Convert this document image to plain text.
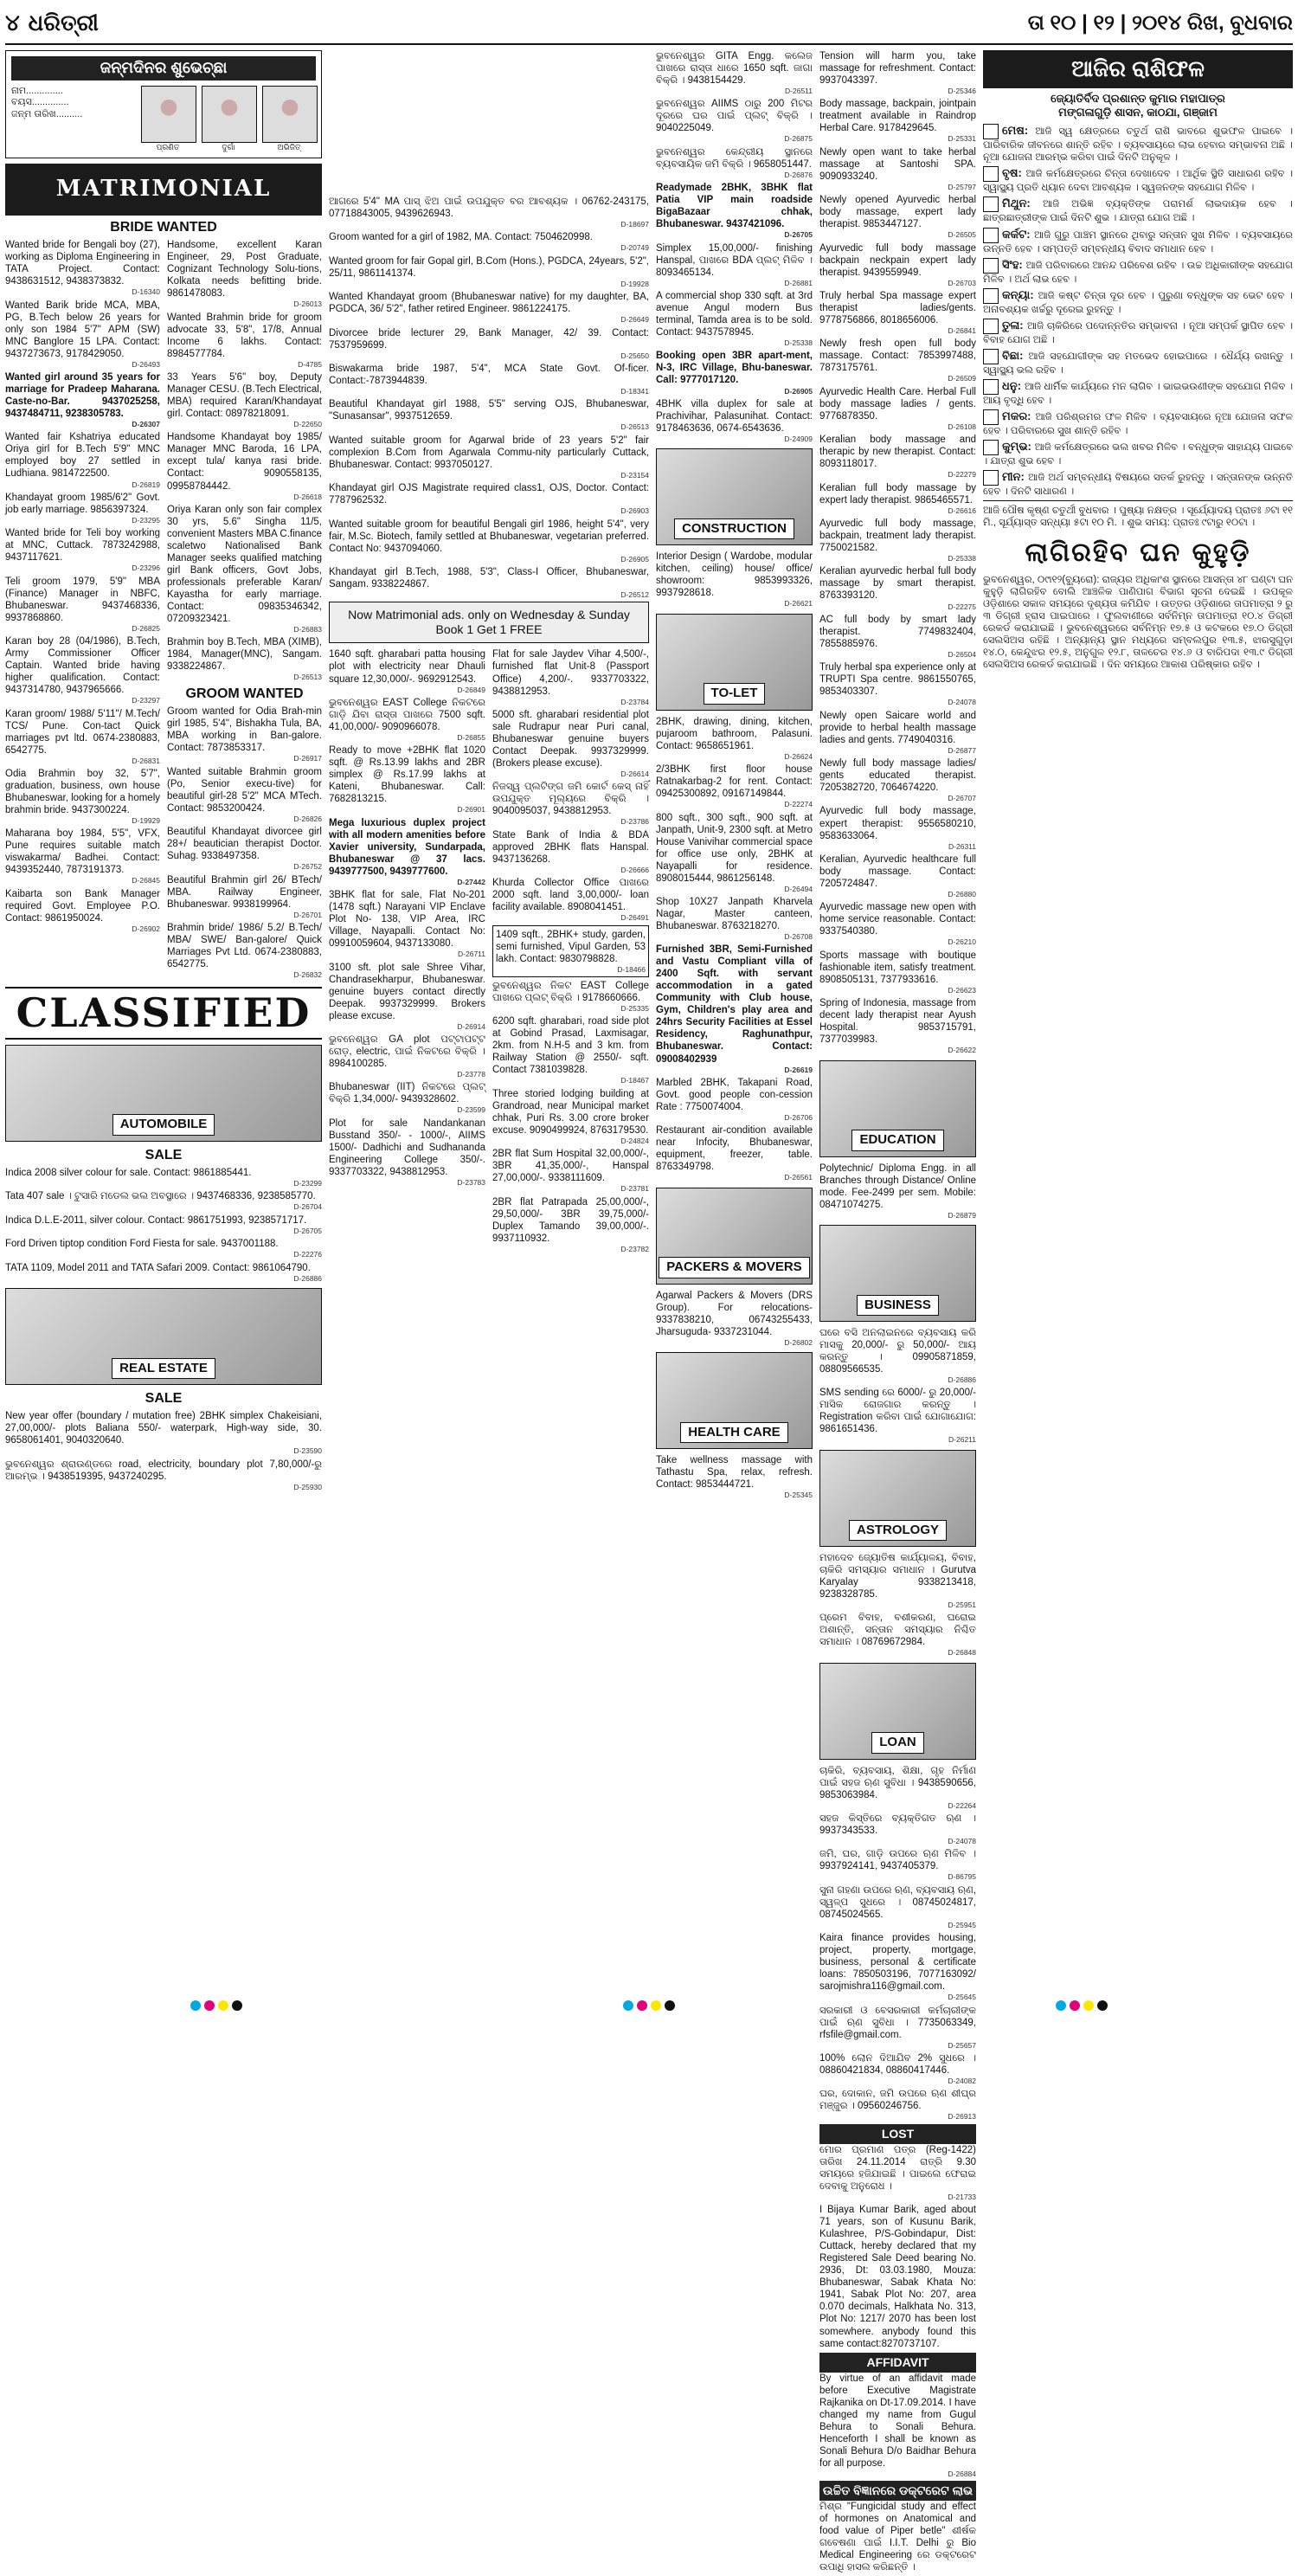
୪ ଧରିତ୍ରୀ	ତା ୧୦ | ୧୨ | ୨୦୧୪ ରିଖ, ବୁଧବାର
ଜନ୍ମଦିନର ଶୁଭେଚ୍ଛା
ନାମ..............
ବୟସ..............
ଜନ୍ମ ତାରିଖ..........
ପ୍ରଣିତ	ଦୁର୍ଗା	ଅଭିଜିତ୍
MATRIMONIAL
BRIDE WANTED
Wanted bride for Bengali boy (27), working as Diploma Engineering in TATA Project. Contact: 9438631512, 9438373832.
D-16340
Wanted Barik bride MCA, MBA, PG, B.Tech below 26 years for only son 1984 5'7" APM (SW) MNC Banglore 15 LPA. Contact: 9437273673, 9178429050.
D-26493
Wanted girl around 35 years for marriage for Pradeep Maharana. Caste-no-Bar. 9437025258, 9437484711, 9238305783.
D-26307
Wanted fair Kshatriya educated Oriya girl for B.Tech 5'9" MNC employed boy 27 settled in Ludhiana. 9814722500.
D-26819
Khandayat groom 1985/6'2" Govt. job early marriage. 9856397324.
D-23295
Wanted bride for Teli boy working at MNC, Cuttack. 7873242988, 9437117621.
D-23296
Teli groom 1979, 5'9" MBA (Finance) Manager in NBFC, Bhubaneswar. 9437468336, 9937868860.
D-26825
Karan boy 28 (04/1986), B.Tech, Army Commissioner Officer Captain. Wanted bride having higher qualification. Contact: 9437314780, 9437965666.
D-23297
Karan groom/ 1988/ 5'11"/ M.Tech/ TCS/ Pune. Con-tact Quick marriages pvt ltd. 0674-2380883, 6542775.
D-26831
Odia Brahmin boy 32, 5'7", graduation, business, own house Bhubaneswar, looking for a homely brahmin bride. 9437300224.
D-19929
Maharana boy 1984, 5'5", VFX, Pune requires suitable match viswakarma/ Badhei. Contact: 9439352440, 7873191373.
D-26845
Kaibarta son Bank Manager required Govt. Employee P.O. Contact: 9861950024.
D-26902
Handsome, excellent Karan Engineer, 29, Post Graduate, Cognizant Technology Solu-tions, Kolkata needs befitting bride. 9861478083.
D-26013
Wanted Brahmin bride for groom advocate 33, 5'8", 17/8, Annual Income 6 lakhs. Contact: 8984577784.
D-4785
33 Years 5'6" boy, Deputy Manager CESU. (B.Tech Electrical, MBA) required Karan/Khandayat girl. Contact: 08978218091.
D-22650
Handsome Khandayat boy 1985/ Manager MNC Baroda, 16 LPA, except tula/ kanya rasi bride. Contact: 9090558135, 09958784442.
D-26618
Oriya Karan only son fair complex 30 yrs, 5.6" Singha 11/5, convenient Masters MBA C.finance scaletwo Nationalised Bank Manager seeks qualified matching girl Bank officers, Govt Jobs, professionals preferable Karan/ Kayastha for early marriage. Contact: 09835346342, 07209323421.
D-26883
Brahmin boy B.Tech, MBA (XIMB), 1984, Manager(MNC), Sangam. 9338224867.
D-26513
GROOM WANTED
Groom wanted for Odia Brah-min girl 1985, 5'4", Bishakha Tula, BA, MBA working in Ban-galore. Contact: 7873853317.
D-26917
Wanted suitable Brahmin groom (Po, Senior execu-tive) for beautiful girl-28 5'2" MCA MTech. Contact: 9853200424.
D-26826
Beautiful Khandayat divorcee girl 28+/ beautician therapist Doctor. Suhag. 9338497358.
D-26752
Beautiful Brahmin girl 26/ BTech/ MBA. Railway Engineer, Bhubaneswar. 9938199964.
D-26701
Brahmin bride/ 1986/ 5.2/ B.Tech/ MBA/ SWE/ Ban-galore/ Quick Marriages Pvt Ltd. 0674-2380883, 6542775.
D-26832
CLASSIFIED
AUTOMOBILE
SALE
Indica 2008 silver colour for sale. Contact: 9861885441.
D-23299
Tata 407 sale । ଟୁସାରି ମଡେଲ ଭଲ ଅବସ୍ଥାରେ । 9437468336, 9238585770.
D-26704
Indica D.L.E-2011, silver colour. Contact: 9861751993, 9238571717.
D-26705
Ford Driven tiptop condition Ford Fiesta for sale. 9437001188.
D-22276
TATA 1109, Model 2011 and TATA Safari 2009. Contact: 9861064790.
D-26886
REAL ESTATE
SALE
New year offer (boundary / mutation free) 2BHK simplex Chakeisiani, 27,00,000/- plots Baliana 550/- waterpark, High-way side, 30. 9658061401, 9040320640.
D-23590
ଭୁବନେଶ୍ୱର ଶ୍ରାଉଣ୍ଡରେ road, electricity, boundary plot 7,80,000/-ରୁ ଆରମ୍ଭ । 9438519395, 9437240295.
D-25930
ଆଗରେ 5'4" MA ପାସ୍ ଝିଅ ପାଇଁ ଉପଯୁକ୍ତ ବର ଆବଶ୍ୟକ । 06762-243175, 07718843005, 9439626943.
D-18697
Groom wanted for a girl of 1982, MA. Contact: 7504620998.
D-20749
Wanted groom for fair Gopal girl, B.Com (Hons.), PGDCA, 24years, 5'2", 25/11, 9861141374.
D-19928
Wanted Khandayat groom (Bhubaneswar native) for my daughter, BA, PGDCA, 36/ 5'2", father retired Engineer. 9861224175.
D-26649
Divorcee bride lecturer 29, Bank Manager, 42/ 39. Contact: 7537959699.
D-25650
Biswakarma bride 1987, 5'4", MCA State Govt. Of-ficer. Contact:-7873944839.
D-18341
Beautiful Khandayat girl 1988, 5'5" serving OJS, Bhubaneswar, "Sunasansar", 9937512659.
D-26513
Wanted suitable groom for Agarwal bride of 23 years 5'2" fair complexion B.Com from Agarwala Commu-nity particularly Cuttack, Bhubaneswar. Contact: 9937050127.
D-23154
Khandayat girl OJS Magistrate required class1, OJS, Doctor. Contact: 7787962532.
D-26903
Wanted suitable groom for beautiful Bengali girl 1986, height 5'4", very fair, M.Sc. Biotech, family settled at Bhubaneswar, vegetarian preferred. Contact No: 9437094060.
D-26905
Khandayat girl B.Tech, 1988, 5'3", Class-I Officer, Bhubaneswar, Sangam. 9338224867.
D-26512
Now Matrimonial ads. only on Wednesday & Sunday Book 1 Get 1 FREE
1640 sqft. gharabari patta housing plot with electricity near Dhauli square 12,30,000/-. 9692912543.
D-26849
ଭୁବନେଶ୍ୱର EAST College ନିକଟରେ ଗାଡ଼ି ଯିବା ରାସ୍ତା ପାଖରେ 7500 sqft. 41,00,000/- 9090966078.
D-26855
Ready to move +2BHK flat 1020 sqft. @ Rs.13.99 lakhs and 2BR simplex @ Rs.17.99 lakhs at Kateni, Bhubaneswar. Call: 7682813215.
D-26901
Mega luxurious duplex project with all modern amenities before Xavier university, Sundarpada, Bhubaneswar @ 37 lacs. 9439777500, 9439777600.
D-27442
3BHK flat for sale, Flat No-201 (1478 sqft.) Narayani VIP Enclave Plot No- 138, VIP Area, IRC Village, Nayapalli. Contact No: 09910059604, 9437133080.
D-26711
3100 sft. plot sale Shree Vihar, Chandrasekharpur, Bhubaneswar. genuine buyers contact directly Deepak. 9937329999. Brokers please excuse.
D-26914
ଭୁବନେଶ୍ୱର GA plot ପଟ୍ଟାପଟ୍ଟ ରୋଡ଼, electric, ପାଇଁ ନିକଟରେ ବିକ୍ରି । 8984100285.
D-23778
Bhubaneswar (IIT) ନିକଟରେ ପ୍ଲଟ୍ ବିକ୍ରି 1,34,000/- 9439328602.
D-23599
Plot for sale Nandankanan Busstand 350/- - 1000/-, AIIMS 1500/- Dadhichi and Sudhananda Engineering College 350/-. 9337703322, 9438812953.
D-23783
Flat for sale Jaydev Vihar 4,500/-, furnished flat Unit-8 (Passport Office) 4,200/-. 9337703322, 9438812953.
D-23784
5000 sft. gharabari residential plot sale Rudrapur near Puri canal, Bhubaneswar genuine buyers Contact Deepak. 9937329999. (Brokers please excuse).
D-26614
ନିଜସ୍ୱ ପ୍ଲଟିଙ୍ଗ ଜମି କୋର୍ଟ କେସ୍ ନାହିଁ ଉପଯୁକ୍ତ ମୂଲ୍ୟରେ ବିକ୍ରି । 9040095037, 9438812953.
D-23786
State Bank of India & BDA approved 2BHK flats Hanspal. 9437136268.
D-26666
Khurda Collector Office ପାଖରେ 2000 sqft. land 3,00,000/- loan facility available. 8908041451.
D-26491
1409 sqft., 2BHK+ study, garden, semi furnished, Vipul Garden, 53 lakh. Contact: 9830798828.
D-18466
ଭୁବନେଶ୍ୱର ନିକଟ EAST College ପାଖରେ ପ୍ଲଟ୍ ବିକ୍ରି । 9178660666.
D-25335
6200 sqft. gharabari, road side plot at Gobind Prasad, Laxmisagar, 2km. from N.H-5 and 3 km. from Railway Station @ 2550/- sqft. Contact 7381039828.
D-18467
Three storied lodging building at Grandroad, near Municipal market chhak, Puri Rs. 3.00 crore broker excuse. 9090499924, 8763179530.
D-24824
2BR flat Sum Hospital 32,00,000/-, 3BR 41,35,000/-, Hanspal 27,00,000/-. 9338111609.
D-23781
2BR flat Patrapada 25,00,000/-, 29,50,000/- 3BR 39,75,000/- Duplex Tamando 39,00,000/-. 9937110932.
D-23782
ଭୁବନେଶ୍ୱର GITA Engg. କଲେଜ ପାଖରେ ରାସ୍ତା ଧାରେ 1650 sqft. ଜାଗା ବିକ୍ରି । 9438154429.
D-26511
ଭୁବନେଶ୍ୱର AIIMS ଠାରୁ 200 ମିଟର ଦୂରରେ ଘର ପାଇଁ ପ୍ଲଟ୍ ବିକ୍ରି । 9040225049.
D-26875
ଭୁବନେଶ୍ୱର କେନ୍ଦ୍ରୀୟ ସ୍ଥାନରେ ବ୍ୟବସାୟିକ ଜମି ବିକ୍ରି । 9658051447.
D-26876
Readymade 2BHK, 3BHK flat Patia VIP main roadside BigaBazaar chhak, Bhubaneswar. 9437421096.
D-26705
Simplex 15,00,000/- finishing Hanspal, ପାଖରେ BDA ପ୍ଲଟ୍ ମିଳିବ । 8093465134.
D-26881
A commercial shop 330 sqft. at 3rd avenue Angul modern Bus terminal, Tamda area is to be sold. Contact: 9437578945.
D-25338
Booking open 3BR apart-ment, N-3, IRC Village, Bhu-baneswar. Call: 9777017120.
D-26905
4BHK villa duplex for sale at Prachivihar, Palasunihat. Contact: 9178463636, 0674-6543636.
D-24909
CONSTRUCTION
Interior Design ( Wardobe, modular kitchen, ceiling) house/ office/ showroom: 9853993326, 9937928618.
D-26621
TO-LET
2BHK, drawing, dining, kitchen, pujaroom bathroom, Palasuni. Contact: 9658651961.
D-26624
2/3BHK first floor house Ratnakarbag-2 for rent. Contact: 09425300892, 09167149844.
D-22274
800 sqft., 300 sqft., 900 sqft. at Janpath, Unit-9, 2300 sqft. at Metro House Vanivihar commercial space for office use only, 2BHK at Nayapalli for residence. 8908015444, 9861256148.
D-26494
Shop 10X27 Janpath Kharvela Nagar, Master canteen, Bhubaneswar. 8763218270.
D-26708
Furnished 3BR, Semi-Furnished and Vastu Compliant villa of 2400 Sqft. with servant accommodation in a gated Community with Club house, Gym, Children's play area and 24hrs Security Facilities at Essel Residency, Raghunathpur, Bhubaneswar. Contact: 09008402939
D-26619
Marbled 2BHK, Takapani Road, Govt. good people con-cession Rate : 7750074004.
D-26706
Restaurant air-condition available near Infocity, Bhubaneswar, equipment, freezer, table. 8763349798.
D-26561
PACKERS & MOVERS
Agarwal Packers & Movers (DRS Group). For relocations- 9337838210, 06743255433, Jharsuguda- 9337231044.
D-26802
HEALTH CARE
Take wellness massage with Tathastu Spa, relax, refresh. Contact: 9853444721.
D-25345
Tension will harm you, take massage for refreshment. Contact: 9937043397.
D-25346
Body massage, backpain, jointpain treatment available in Raindrop Herbal Care. 9178429645.
D-25331
Newly open want to take herbal massage at Santoshi SPA. 9090933240.
D-25797
Newly opened Ayurvedic herbal body massage, expert lady therapist. 9853447127.
D-26505
Ayurvedic full body massage backpain neckpain expert lady therapist. 9439559949.
D-26703
Truly herbal Spa massage expert therapist ladies/gents. 9778756866, 8018656006.
D-26841
Newly fresh open full body massage. Contact: 7853997488, 7873175761.
D-26509
Ayurvedic Health Care. Herbal Full body massage ladies / gents. 9776878350.
D-26108
Keralian body massage and therapic by new therapist. Contact: 8093118017.
D-22279
Keralian full body massage by expert lady therapist. 9865465571.
D-26616
Ayurvedic full body massage, backpain, treatment lady therapist. 7750021582.
D-25338
Keralian ayurvedic herbal full body massage by smart therapist. 8763393120.
D-22275
AC full body by smart lady therapist. 7749832404, 7855885976.
D-26504
Truly herbal spa experience only at TRUPTI Spa centre. 9861550765, 9853403307.
D-24078
Newly open Saicare world and provide to herbal health massage ladies and gents. 7749040316.
D-26877
Newly full body massage ladies/ gents educated therapist. 7205382720, 7064674220.
D-26707
Ayurvedic full body massage, expert therapist: 9556580210, 9583633064.
D-26311
Keralian, Ayurvedic healthcare full body massage. Contact: 7205724847.
D-26880
Ayurvedic massage new open with home service reasonable. Contact: 9337540380.
D-26210
Sports massage with boutique fashionable item, satisfy treatment. 8908505131, 7377933616.
D-26623
Spring of Indonesia, massage from decent lady therapist near Ayush Hospital. 9853715791, 7377039983.
D-26622
EDUCATION
Polytechnic/ Diploma Engg. in all Branches through Distance/ Online mode. Fee-2499 per sem. Mobile: 08471074275.
D-26879
BUSINESS
ଘରେ ବସି ଅନଲାଇନରେ ବ୍ୟବସାୟ କରି ମାସକୁ 20,000/- ରୁ 50,000/- ଆୟ କରନ୍ତୁ । 09905871859, 08809566535.
D-26886
SMS sending ରେ 6000/- ରୁ 20,000/- ମାସିକ ରୋଜଗାର କରନ୍ତୁ । Registration କରିବା ପାଇଁ ଯୋଗାଯୋଗ: 9861651436.
D-26211
ASTROLOGY
ମହାଦେବ ଜ୍ୟୋତିଷ କାର୍ଯ୍ୟାଳୟ, ବିବାହ, ଚାକିରି ସମସ୍ୟାର ସମାଧାନ । Gurutva Karyalay 9338213418, 9238328785.
D-25951
ପ୍ରେମ ବିବାହ, ବଶୀକରଣ, ଘରୋଇ ଅଶାନ୍ତି, ସନ୍ତାନ ସମସ୍ୟାର ନିଶ୍ଚିତ ସମାଧାନ । 08769672984.
D-26848
LOAN
ଚାକିରି, ବ୍ୟବସାୟ, ଶିକ୍ଷା, ଗୃହ ନିର୍ମାଣ ପାଇଁ ସହଜ ଋଣ ସୁବିଧା । 9438590656, 9853063984.
D-22264
ସହଜ କିସ୍ତିରେ ବ୍ୟକ୍ତିଗତ ଋଣ । 9937343533.
D-24078
ଜମି, ଘର, ଗାଡ଼ି ଉପରେ ଋଣ ମିଳିବ । 9937924141, 9437405379.
D-86795
ସୁନା ଗହଣା ଉପରେ ଋଣ, ବ୍ୟବସାୟ ଋଣ, ସ୍ୱଳ୍ପ ସୁଧରେ । 08745024817, 08745024565.
D-25945
Kaira finance provides housing, project, property, mortgage, business, personal & certificate loans: 7850503196, 7077163092/ sarojmishra116@gmail.com.
D-25645
ସରକାରୀ ଓ ବେସରକାରୀ କର୍ମଚାରୀଙ୍କ ପାଇଁ ଋଣ ସୁବିଧା । 7735063349, rfsfile@gmail.com.
D-25657
100% ଲୋନ ଦିଆଯିବ 2% ସୁଧରେ । 08860421834, 08860417446.
D-24082
ଘର, ଦୋକାନ, ଜମି ଉପରେ ଋଣ ଶୀଘ୍ର ମଞ୍ଜୁର । 09560246756.
D-26913
LOST
ମୋର ପ୍ରମାଣ ପତ୍ର (Reg-1422) ତାରିଖ 24.11.2014 ରାତ୍ରି 9.30 ସମୟରେ ହଜିଯାଇଛି । ପାଇଲେ ଫେରାଇ ଦେବାକୁ ଅନୁରୋଧ ।
D-21733
I Bijaya Kumar Barik, aged about 71 years, son of Kusunu Barik, Kulashree, P/S-Gobindapur, Dist: Cuttack, hereby declared that my Registered Sale Deed bearing No. 2936, Dt: 03.03.1980, Mouza: Bhubaneswar, Sabak Khata No: 1941, Sabak Plot No: 207, area 0.070 decimals, Halkhata No. 313, Plot No: 1217/ 2070 has been lost somewhere. anybody found this same contact:8270737107.
AFFIDAVIT
By virtue of an affidavit made before Executive Magistrate Rajkanika on Dt-17.09.2014. I have changed my name from Gugul Behura to Sonali Behura. Henceforth I shall be known as Sonali Behura D/o Baidhar Behura for all purpose.
D-26884
ଉଚ୍ଚିତ ବିଜ୍ଞାନରେ ଡକ୍ଟରେଟ ଲାଭ
ମିଶ୍ର "Fungicidal study and effect of hormones on Anatomical and food value of Piper betle" ଶୀର୍ଷକ ଗବେଷଣା ପାଇଁ I.I.T. Delhi ରୁ Bio Medical Engineering ରେ ଡକ୍ଟରେଟ ଉପାଧି ହାସଲ କରିଛନ୍ତି ।
ଆଜିର ରାଶିଫଳ
ଜ୍ୟୋତିର୍ବିଦ ପ୍ରଶାନ୍ତ କୁମାର ମହାପାତ୍ର
ମଙ୍ଗଳାଗୁଡ଼ି ଶାସନ, କାଠଯା, ଗଞ୍ଜାମ
ମେଷ: ଆଜି ସ୍ୱ କ୍ଷେତ୍ରରେ ଚତୁର୍ଥ ରାଶି ଭାବରେ ଶୁଭଫଳ ପାଇବେ । ପାରିବାରିକ ଜୀବନରେ ଶାନ୍ତି ରହିବ । ବ୍ୟବସାୟରେ ଲାଭ ହେବାର ସମ୍ଭାବନା ଅଛି । ନୂଆ ଯୋଜନା ଆରମ୍ଭ କରିବା ପାଇଁ ଦିନଟି ଅନୁକୂଳ ।
ବୃଷ: ଆଜି କର୍ମକ୍ଷେତ୍ରରେ ଚିନ୍ତା ଦେଖାଦେବ । ଆର୍ଥିକ ସ୍ଥିତି ସାଧାରଣ ରହିବ । ସ୍ୱାସ୍ଥ୍ୟ ପ୍ରତି ଧ୍ୟାନ ଦେବା ଆବଶ୍ୟକ । ସ୍ୱଜନଙ୍କ ସହଯୋଗ ମିଳିବ ।
ମିଥୁନ: ଆଜି ଅଭିଜ୍ଞ ବ୍ୟକ୍ତିଙ୍କ ପରାମର୍ଶ ଲାଭଦାୟକ ହେବ । ଛାତ୍ରଛାତ୍ରୀଙ୍କ ପାଇଁ ଦିନଟି ଶୁଭ । ଯାତ୍ରା ଯୋଗ ଅଛି ।
କର୍କଟ: ଆଜି ଗୁରୁ ପାଞ୍ଚମ ସ୍ଥାନରେ ଥିବାରୁ ସନ୍ତାନ ସୁଖ ମିଳିବ । ବ୍ୟବସାୟରେ ଉନ୍ନତି ହେବ । ସମ୍ପତ୍ତି ସମ୍ବନ୍ଧୀୟ ବିବାଦ ସମାଧାନ ହେବ ।
ସିଂହ: ଆଜି ପରିବାରରେ ଆନନ୍ଦ ପରିବେଶ ରହିବ । ଉଚ୍ଚ ଅଧିକାରୀଙ୍କ ସହଯୋଗ ମିଳିବ । ଅର୍ଥ ଲାଭ ହେବ ।
କନ୍ୟା: ଆଜି କଷ୍ଟ ଚିନ୍ତା ଦୂର ହେବ । ପୁରୁଣା ବନ୍ଧୁଙ୍କ ସହ ଭେଟ ହେବ । ଅନାବଶ୍ୟକ ଖର୍ଚ୍ଚରୁ ଦୂରେଇ ରୁହନ୍ତୁ ।
ତୁଳା: ଆଜି ଚାକିରିରେ ପଦୋନ୍ନତିର ସମ୍ଭାବନା । ନୂଆ ସମ୍ପର୍କ ସ୍ଥାପିତ ହେବ । ବିବାହ ଯୋଗ ଅଛି ।
ବିଛା: ଆଜି ସହଯୋଗୀଙ୍କ ସହ ମତଭେଦ ହୋଇପାରେ । ଧୈର୍ଯ୍ୟ ରଖନ୍ତୁ । ସ୍ୱାସ୍ଥ୍ୟ ଭଲ ରହିବ ।
ଧନୁ: ଆଜି ଧାର୍ମିକ କାର୍ଯ୍ୟରେ ମନ ଲାଗିବ । ଭାଇଭଉଣୀଙ୍କ ସହଯୋଗ ମିଳିବ । ଆୟ ବୃଦ୍ଧି ହେବ ।
ମକର: ଆଜି ପରିଶ୍ରମର ଫଳ ମିଳିବ । ବ୍ୟବସାୟରେ ନୂଆ ଯୋଜନା ସଫଳ ହେବ । ପରିବାରରେ ସୁଖ ଶାନ୍ତି ରହିବ ।
କୁମ୍ଭ: ଆଜି କର୍ମକ୍ଷେତ୍ରରେ ଭଲ ଖବର ମିଳିବ । ବନ୍ଧୁଙ୍କ ସାହାଯ୍ୟ ପାଇବେ । ଯାତ୍ରା ଶୁଭ ହେବ ।
ମୀନ: ଆଜି ଅର୍ଥ ସମ୍ବନ୍ଧୀୟ ବିଷୟରେ ସତର୍କ ରୁହନ୍ତୁ । ସନ୍ତାନଙ୍କ ଉନ୍ନତି ହେବ । ଦିନଟି ସାଧାରଣ ।
ଆଜି ପୌଷ କୃଷ୍ଣ ଚତୁର୍ଥୀ ବୁଧବାର । ପୁଷ୍ୟା ନକ୍ଷତ୍ର । ସୂର୍ଯ୍ୟୋଦୟ ପ୍ରାତଃ ୬ଟା ୧୧ ମି., ସୂର୍ଯ୍ୟାସ୍ତ ସନ୍ଧ୍ୟା ୫ଟା ୧୦ ମି. । ଶୁଭ ସମୟ: ପ୍ରାତଃ ୯ଟାରୁ ୧୦ଟା ।
ଲାଗିରହିବ ଘନ କୁହୁଡ଼ି
ଭୁବନେଶ୍ୱର, ୦୯ା୧୨(ବ୍ୟୁରୋ): ରାଜ୍ୟର ଅଧିକାଂଶ ସ୍ଥାନରେ ଆସନ୍ତା ୪୮ ଘଣ୍ଟା ଘନ କୁହୁଡ଼ି ଲାଗିରହିବ ବୋଲି ଆଞ୍ଚଳିକ ପାଣିପାଗ ବିଭାଗ ସୂଚନା ଦେଇଛି । ଉପକୂଳ ଓଡ଼ିଶାରେ ସକାଳ ସମୟରେ ଦୃଶ୍ୟତା କମିଯିବ । ଉତ୍ତର ଓଡ଼ିଶାରେ ତାପମାତ୍ରା ୨ ରୁ ୩ ଡିଗ୍ରୀ ହ୍ରାସ ପାଇପାରେ । ଫୁଲବାଣୀରେ ସର୍ବନିମ୍ନ ତାପମାତ୍ରା ୧୦.୪ ଡିଗ୍ରୀ ରେକର୍ଡ କରାଯାଇଛି । ଭୁବନେଶ୍ୱରରେ ସର୍ବନିମ୍ନ ୧୭.୫ ଓ କଟକରେ ୧୭.୦ ଡିଗ୍ରୀ ସେଲସିଅସ ରହିଛି । ଅନ୍ୟାନ୍ୟ ସ୍ଥାନ ମଧ୍ୟରେ ସମ୍ବଲପୁର ୧୩.୫, ଝାରସୁଗୁଡ଼ା ୧୪.୦, କେନ୍ଦୁଝର ୧୨.୫, ଅନୁଗୁଳ ୧୨.୮, ତାଳଚେର ୧୪.୬ ଓ ବାରିପଦା ୧୩.୯ ଡିଗ୍ରୀ ସେଲସିଅସ ରେକର୍ଡ କରାଯାଇଛି । ଦିନ ସମୟରେ ଆକାଶ ପରିଷ୍କାର ରହିବ ।
